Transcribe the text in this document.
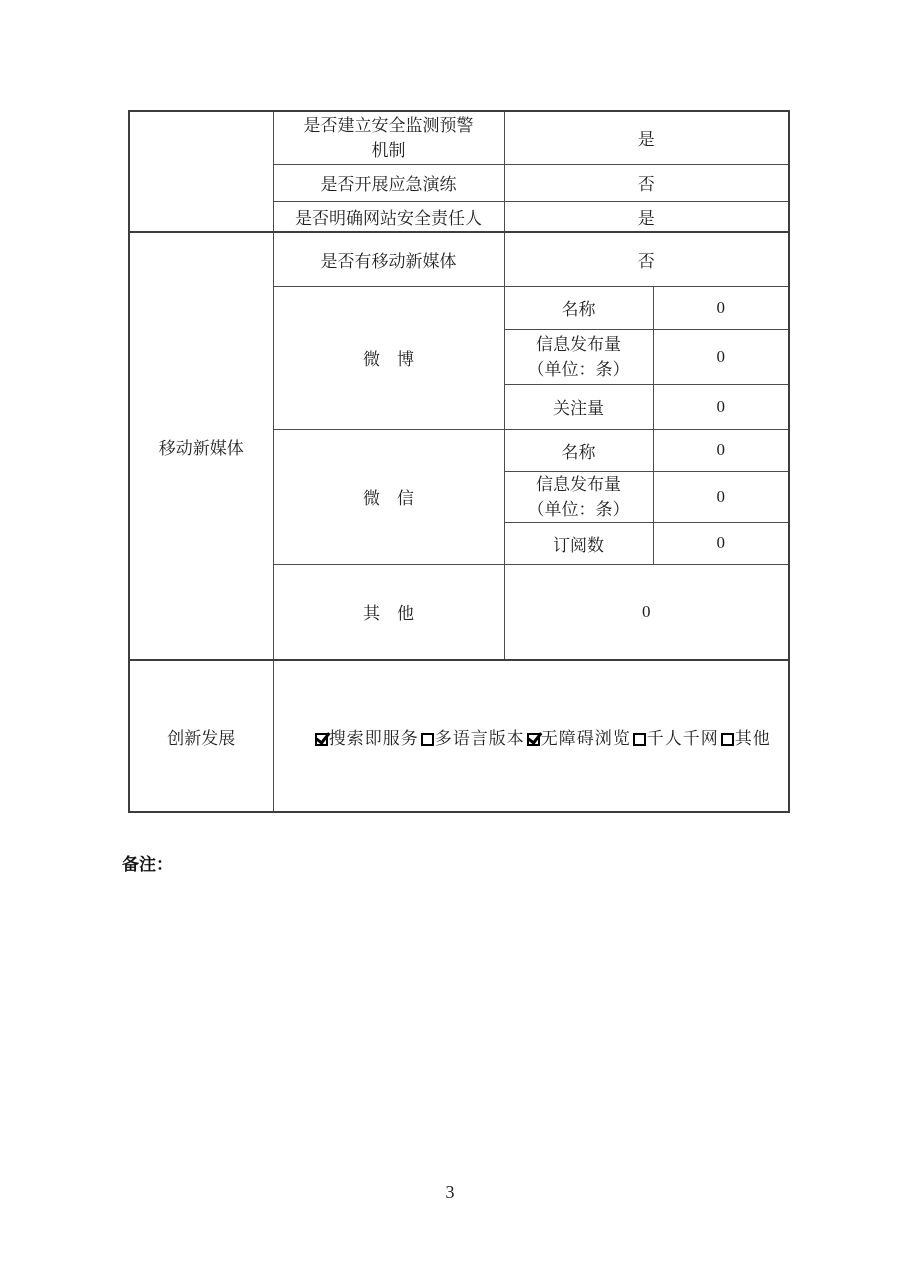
	是否建立安全监测预警
机制	是	
	是否开展应急演练	否	
	是否明确网站安全责任人	是	
移动新媒体	是否有移动新媒体	否	
	微　博	名称	0

		信息发布量
（单位：条）	0
		关注量	0
	微　信	名称	0

		信息发布量
（单位：条）	0
		订阅数	0
	其　他	0	
创新发展	搜索即服务 多语言版本 无障碍浏览 千人千网 其他		
备注：
3
